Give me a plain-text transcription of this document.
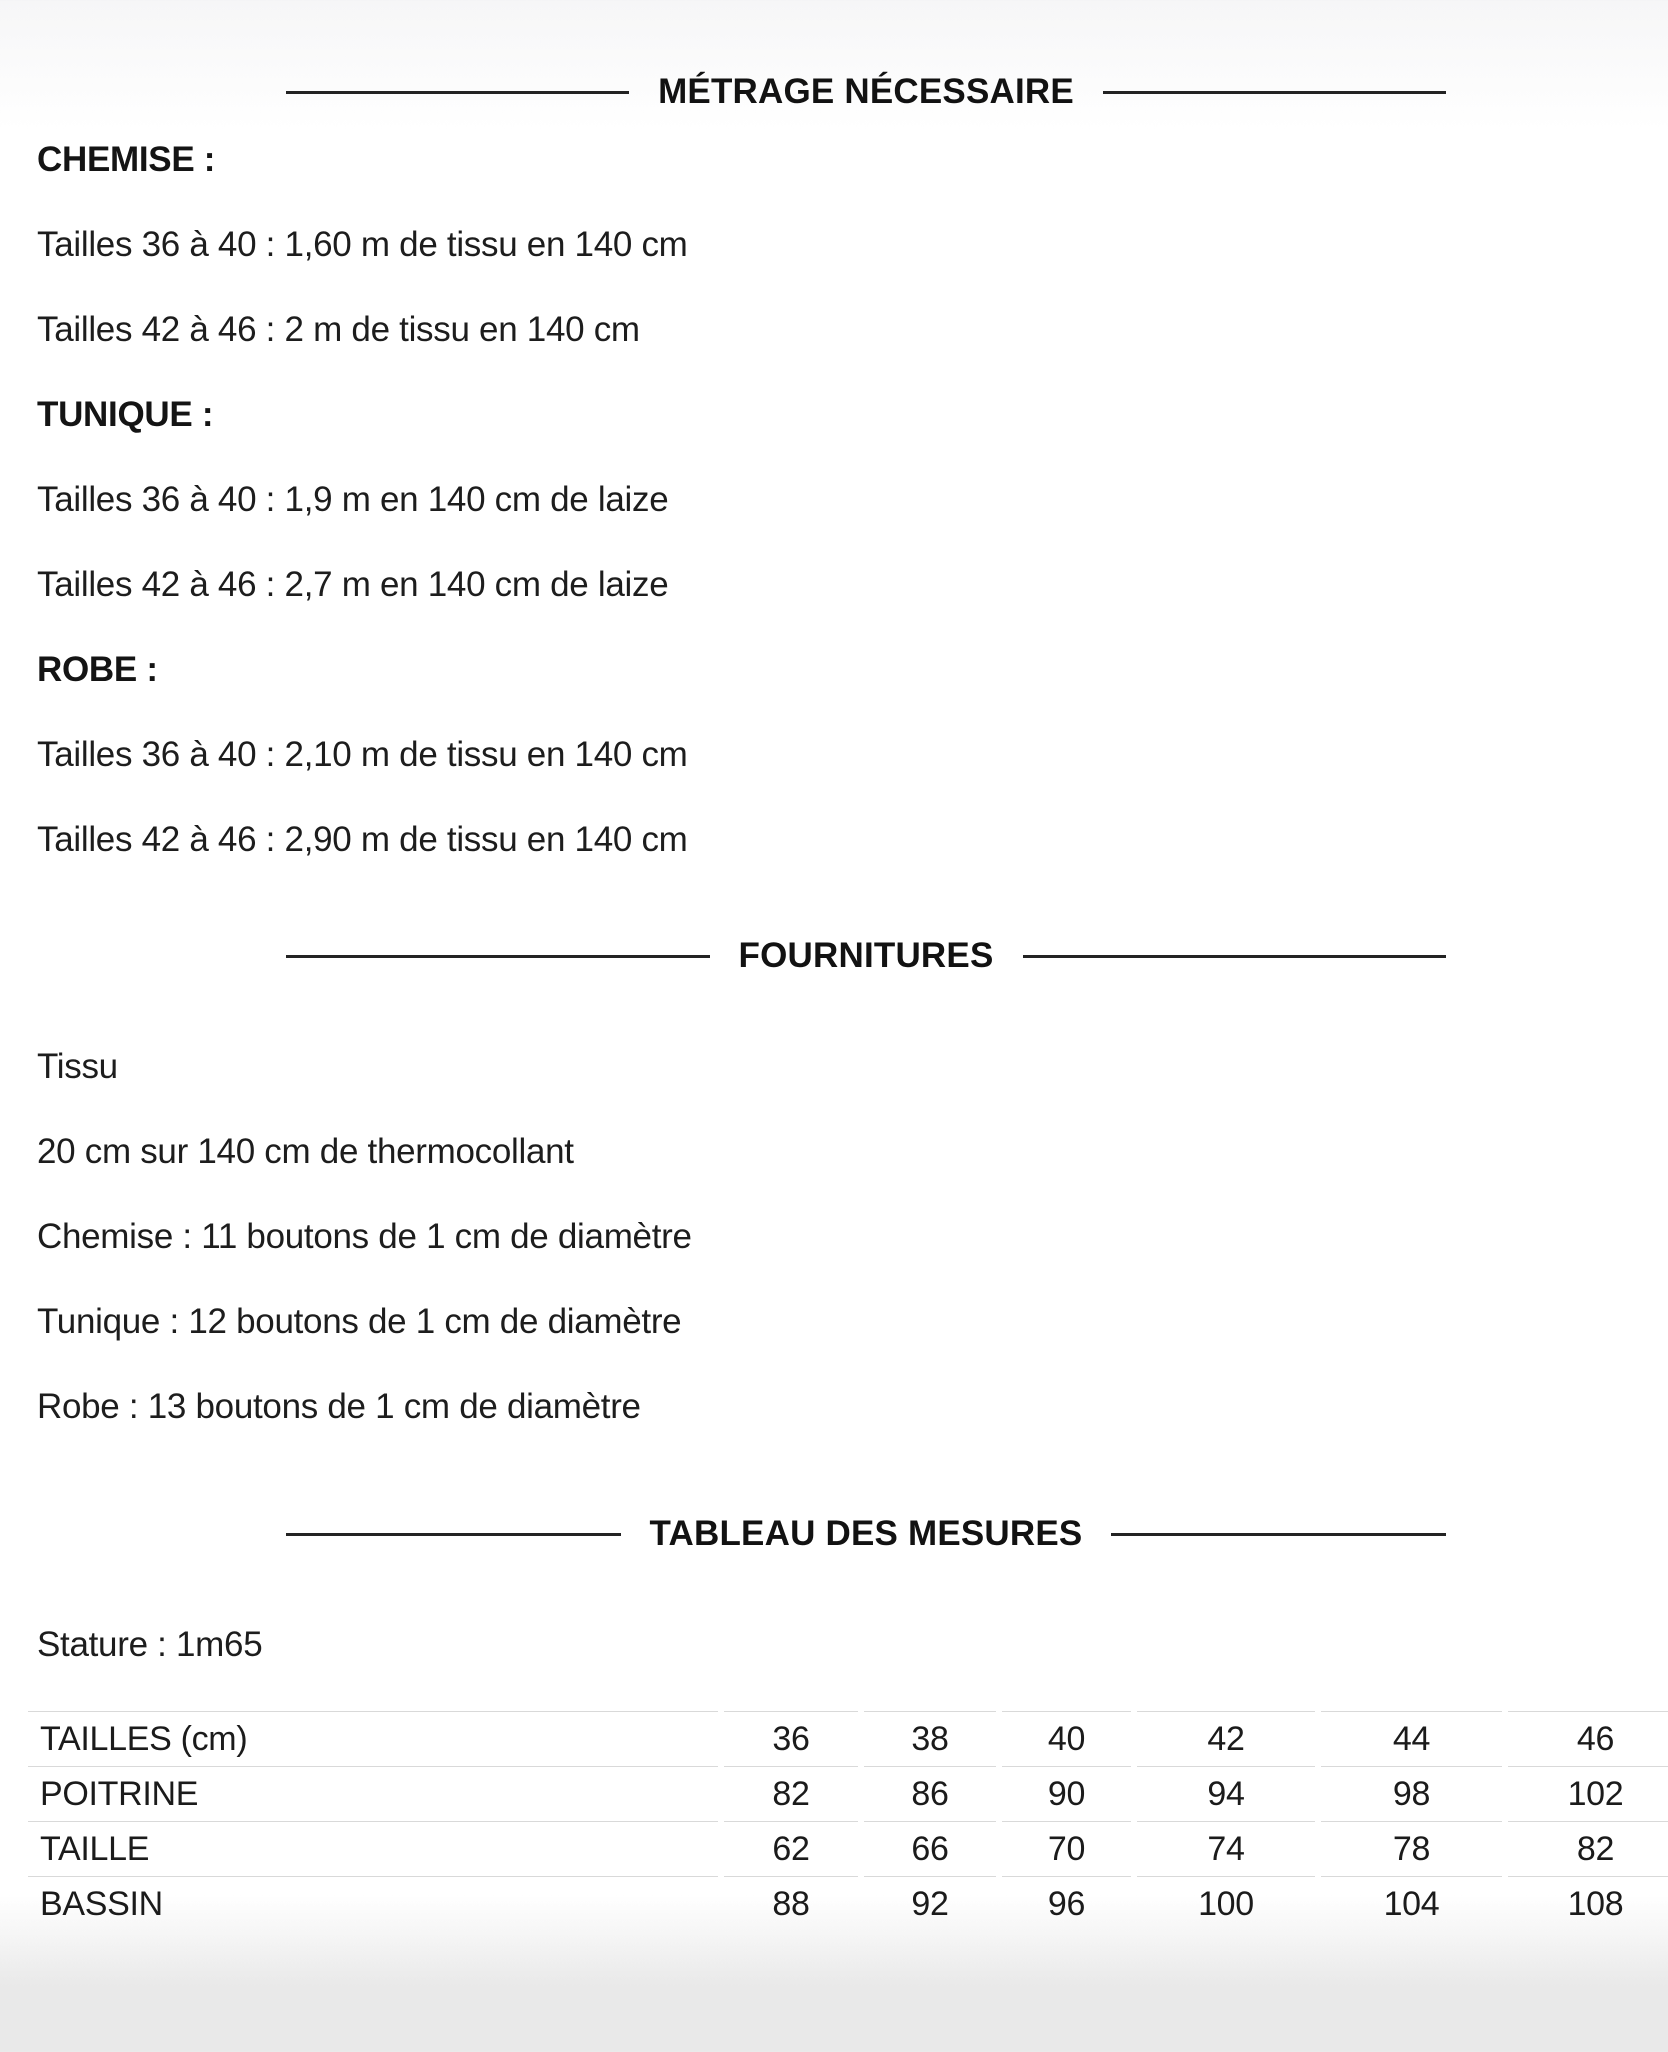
MÉTRAGE NÉCESSAIRE

CHEMISE :

Tailles 36 à 40 : 1,60 m de tissu en 140 cm

Tailles 42 à 46 : 2 m de tissu en 140 cm

TUNIQUE :

Tailles 36 à 40 : 1,9 m en 140 cm de laize

Tailles 42 à 46 : 2,7 m en 140 cm de laize

ROBE :

Tailles 36 à 40 : 2,10 m de tissu en 140 cm

Tailles 42 à 46 : 2,90 m de tissu en 140 cm

FOURNITURES

Tissu

20 cm sur 140 cm de thermocollant

Chemise : 11 boutons de 1 cm de diamètre

Tunique : 12 boutons de 1 cm de diamètre

Robe : 13 boutons de 1 cm de diamètre

TABLEAU DES MESURES

Stature : 1m65

TAILLES (cm)	36	38	40	42	44	46
POITRINE	82	86	90	94	98	102
TAILLE	62	66	70	74	78	82
BASSIN	88	92	96	100	104	108
